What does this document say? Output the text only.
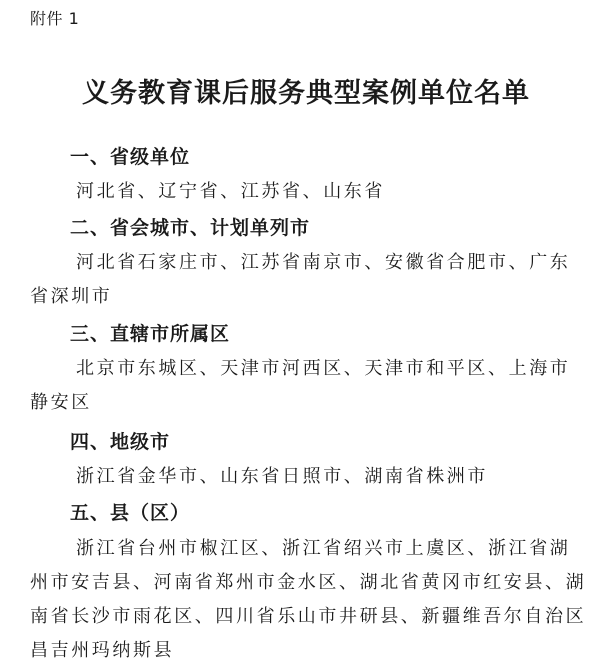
附件 1
义务教育课后服务典型案例单位名单
一、省级单位
河北省、辽宁省、江苏省、山东省
二、省会城市、计划单列市
河北省石家庄市、江苏省南京市、安徽省合肥市、广东省深圳市
三、直辖市所属区
北京市东城区、天津市河西区、天津市和平区、上海市静安区
四、地级市
浙江省金华市、山东省日照市、湖南省株洲市
五、县（区）
浙江省台州市椒江区、浙江省绍兴市上虞区、浙江省湖州市安吉县、河南省郑州市金水区、湖北省黄冈市红安县、湖南省长沙市雨花区、四川省乐山市井研县、新疆维吾尔自治区昌吉州玛纳斯县
